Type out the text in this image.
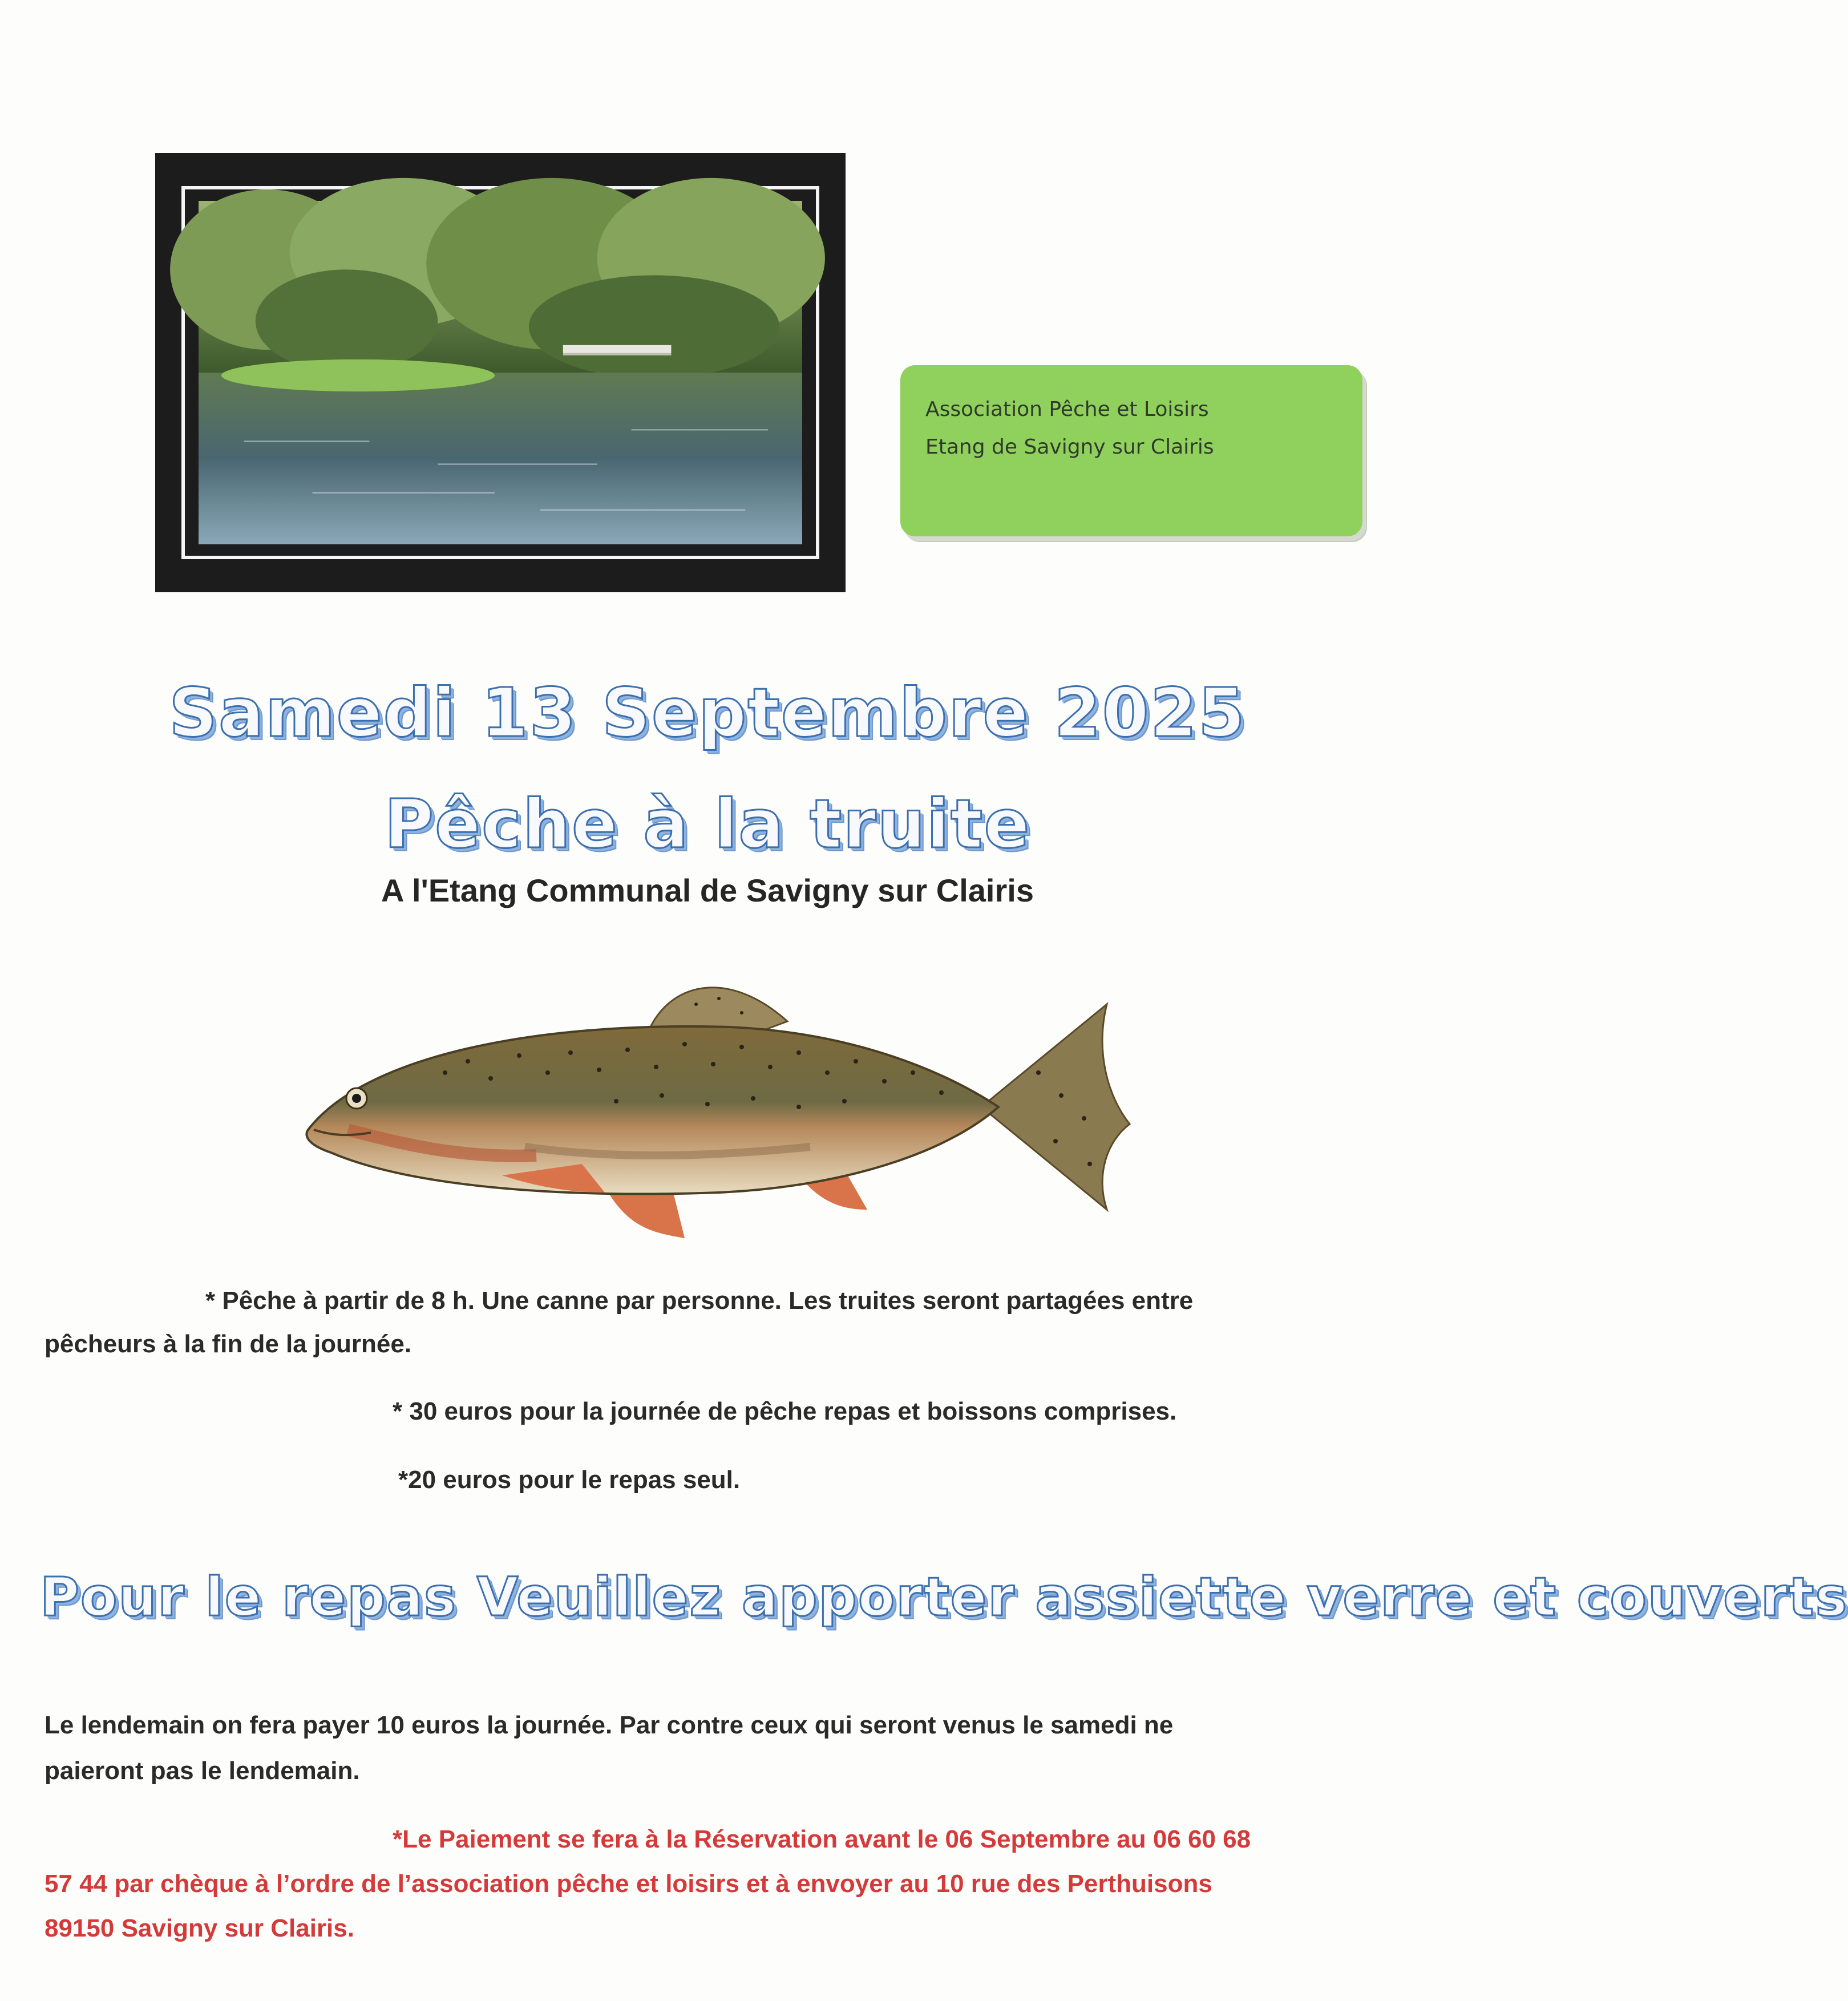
Association Pêche et Loisirs
Etang de Savigny sur Clairis
Samedi 13 Septembre 2025
Pêche à la truite
A l'Etang Communal de Savigny sur Clairis
* Pêche à partir de 8 h. Une canne par personne. Les truites seront partagées entre
pêcheurs à la fin de la journée.
* 30 euros pour la journée de pêche repas et boissons comprises.
*20 euros pour le repas seul.
Pour le repas Veuillez apporter assiette verre et couverts
Le lendemain on fera payer 10 euros la journée. Par contre ceux qui seront venus le samedi ne
paieront pas le lendemain.
*Le Paiement se fera à la Réservation avant le 06 Septembre au 06 60 68
57 44 par chèque à l’ordre de l’association pêche et loisirs et à envoyer au 10 rue des Perthuisons
89150 Savigny sur Clairis.
